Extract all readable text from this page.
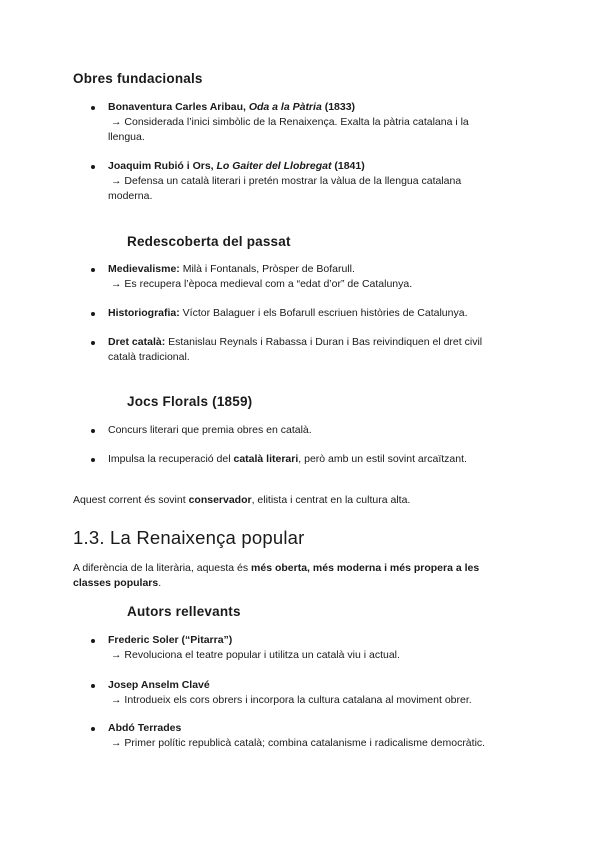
Obres fundacionals
Bonaventura Carles Aribau, Oda a la Pàtria (1833)
→ Considerada l’inici simbòlic de la Renaixença. Exalta la pàtria catalana i la
llengua.
Joaquim Rubió i Ors, Lo Gaiter del Llobregat (1841)
→ Defensa un català literari i pretén mostrar la vàlua de la llengua catalana
moderna.
Redescoberta del passat
Medievalisme: Milà i Fontanals, Pròsper de Bofarull.
→ Es recupera l’època medieval com a “edat d’or” de Catalunya.
Historiografia: Víctor Balaguer i els Bofarull escriuen històries de Catalunya.
Dret català: Estanislau Reynals i Rabassa i Duran i Bas reivindiquen el dret civil
català tradicional.
Jocs Florals (1859)
Concurs literari que premia obres en català.
Impulsa la recuperació del català literari, però amb un estil sovint arcaïtzant.
Aquest corrent és sovint conservador, elitista i centrat en la cultura alta.
1.3. La Renaixença popular
A diferència de la literària, aquesta és més oberta, més moderna i més propera a les
classes populars.
Autors rellevants
Frederic Soler (“Pitarra”)
→ Revoluciona el teatre popular i utilitza un català viu i actual.
Josep Anselm Clavé
→ Introdueix els cors obrers i incorpora la cultura catalana al moviment obrer.
Abdó Terrades
→ Primer polític republicà català; combina catalanisme i radicalisme democràtic.
